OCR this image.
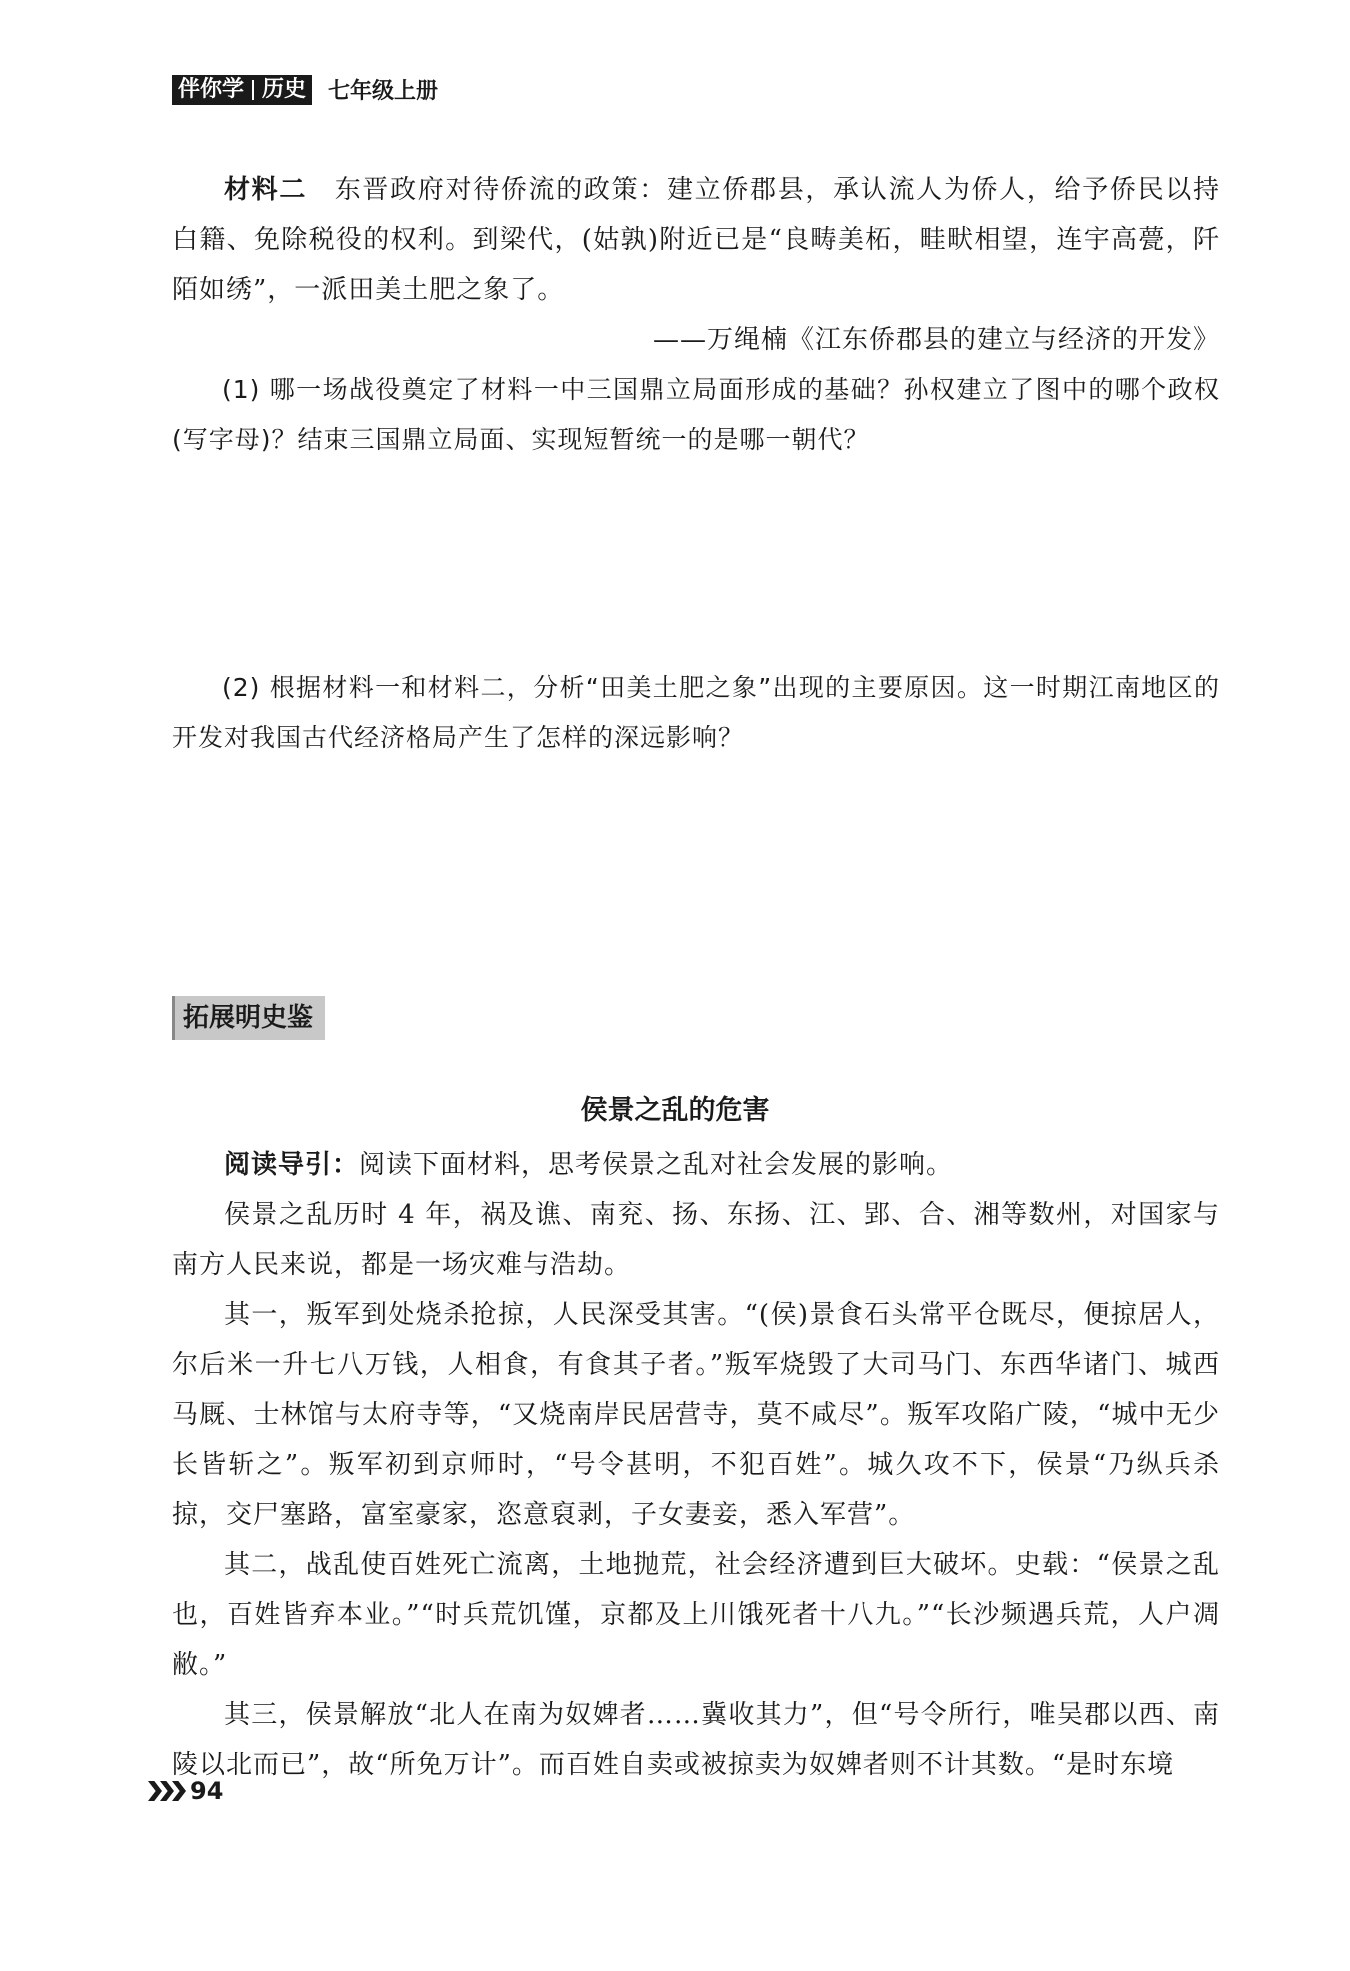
伴你学 历史 七年级上册

材料二  东晋政府对待侨流的政策：建立侨郡县，承认流人为侨人，给予侨民以持白籍、免除税役的权利。到梁代，(姑孰)附近已是“良畴美柘，畦畎相望，连宇高甍，阡陌如绣”，一派田美土肥之象了。

——万绳楠《江东侨郡县的建立与经济的开发》

(1) 哪一场战役奠定了材料一中三国鼎立局面形成的基础？孙权建立了图中的哪个政权(写字母)？结束三国鼎立局面、实现短暂统一的是哪一朝代？

(2) 根据材料一和材料二，分析“田美土肥之象”出现的主要原因。这一时期江南地区的开发对我国古代经济格局产生了怎样的深远影响？

拓展明史鉴
侯景之乱的危害

阅读导引：阅读下面材料，思考侯景之乱对社会发展的影响。

侯景之乱历时 4 年，祸及谯、南兖、扬、东扬、江、郢、合、湘等数州，对国家与南方人民来说，都是一场灾难与浩劫。

其一，叛军到处烧杀抢掠，人民深受其害。“(侯)景食石头常平仓既尽，便掠居人，尔后米一升七八万钱，人相食，有食其子者。”叛军烧毁了大司马门、东西华诸门、城西马厩、士林馆与太府寺等，“又烧南岸民居营寺，莫不咸尽”。叛军攻陷广陵，“城中无少长皆斩之”。叛军初到京师时，“号令甚明，不犯百姓”。城久攻不下，侯景“乃纵兵杀掠，交尸塞路，富室豪家，恣意裒剥，子女妻妾，悉入军营”。

其二，战乱使百姓死亡流离，土地抛荒，社会经济遭到巨大破坏。史载：“侯景之乱也，百姓皆弃本业。”“时兵荒饥馑，京都及上川饿死者十八九。”“长沙频遇兵荒，人户凋敝。”

其三，侯景解放“北人在南为奴婢者……冀收其力”，但“号令所行，唯吴郡以西、南陵以北而已”，故“所免万计”。而百姓自卖或被掠卖为奴婢者则不计其数。“是时东境

94
